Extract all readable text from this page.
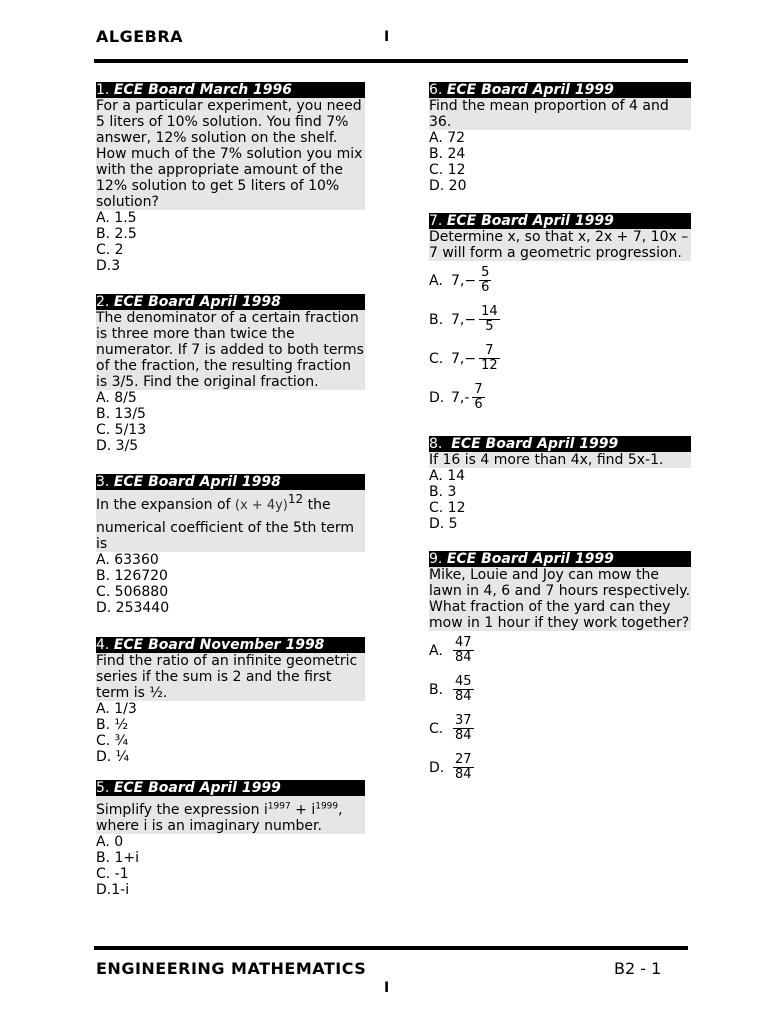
ALGEBRA	I
1. ECE Board March 1996
For a particular experiment, you need 5 liters of 10% solution. You find 7% answer, 12% solution on the shelf. How much of the 7% solution you mix with the appropriate amount of the 12% solution to get 5 liters of 10% solution?
A. 1.5
B. 2.5
C. 2
D.3
2. ECE Board April 1998
The denominator of a certain fraction is three more than twice the numerator. If 7 is added to both terms of the fraction, the resulting fraction is 3/5. Find the original fraction.
A. 8/5
B. 13/5
C. 5/13
D. 3/5
3. ECE Board April 1998
In the expansion of $(x + 4y)^{12}$ the
numerical coefficient of the 5th term is
A. 63360
B. 126720
C. 506880
D. 253440
4. ECE Board November 1998
Find the ratio of an infinite geometric series if the sum is 2 and the first term is ½.
A. 1/3
B. ½
C. ¾
D. ¼
5. ECE Board April 1999
Simplify the expression $i^{1997} + i^{1999}$, where i is an imaginary number.
A. 0
B. 1+i
C. -1
D.1-i
6. ECE Board April 1999
Find the mean proportion of 4 and 36.
A. 72
B. 24
C. 12
D. 20
7. ECE Board April 1999
Determine x, so that x, 2x + 7, 10x – 7 will form a geometric progression.
A. $7,- \frac{5}{6}$
B. $7,- \frac{14}{5}$
C. $7,- \frac{7}{12}$
D. $7,- \frac{7}{6}$
8. ECE Board April 1999
If 16 is 4 more than 4x, find 5x-1.
A. 14
B. 3
C. 12
D. 5
9. ECE Board April 1999
Mike, Louie and Joy can mow the lawn in 4, 6 and 7 hours respectively. What fraction of the yard can they mow in 1 hour if they work together?
A. $\frac{47}{84}$
B. $\frac{45}{84}$
C. $\frac{37}{84}$
D. $\frac{27}{84}$
ENGINEERING MATHEMATICS	B2 - 1
I
